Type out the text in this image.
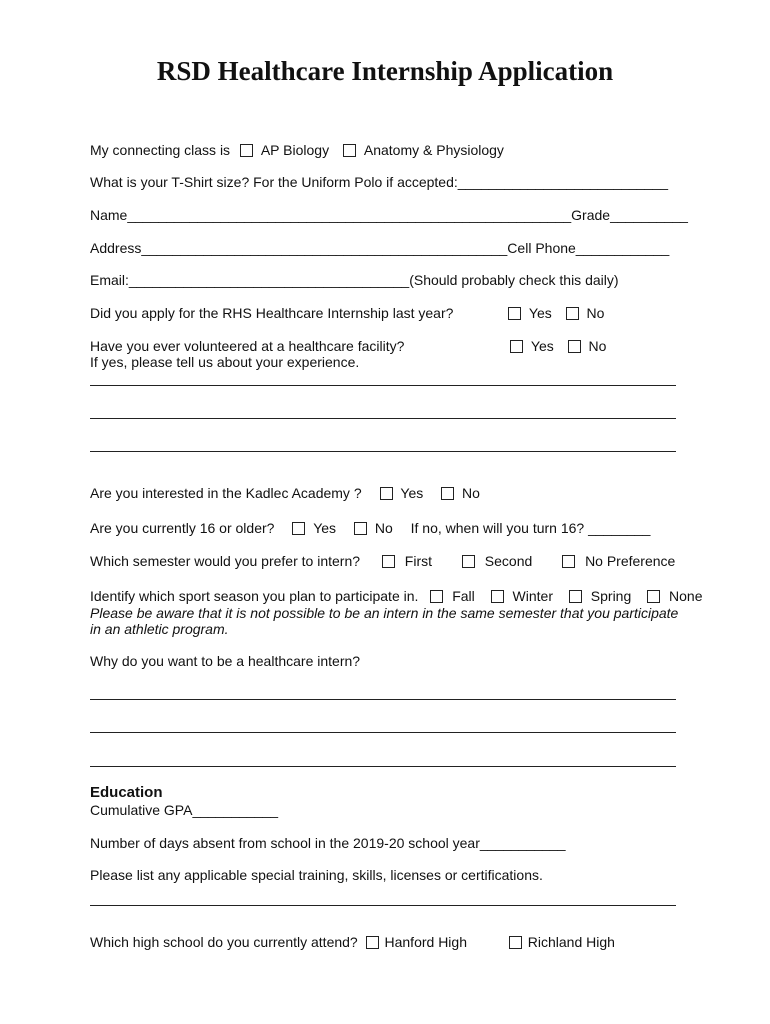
RSD Healthcare Internship Application
My connecting class is AP Biology Anatomy & Physiology
What is your T-Shirt size? For the Uniform Polo if accepted:___________________________
Name_________________________________________________________Grade__________
Address_______________________________________________Cell Phone____________
Email:____________________________________(Should probably check this daily)
Did you apply for the RHS Healthcare Internship last year?	Yes No
Have you ever volunteered at a healthcare facility?	Yes No
If yes, please tell us about your experience.
Are you interested in the Kadlec Academy ?	Yes	No
Are you currently 16 or older?	Yes	No If no, when will you turn 16? ________
Which semester would you prefer to intern?	First	Second	No Preference
Identify which sport season you plan to participate in. Fall	Winter	Spring	None
Please be aware that it is not possible to be an intern in the same semester that you participate
in an athletic program.
Why do you want to be a healthcare intern?
Education
Cumulative GPA___________
Number of days absent from school in the 2019-20 school year___________
Please list any applicable special training, skills, licenses or certifications.
Which high school do you currently attend? Hanford High	Richland High
